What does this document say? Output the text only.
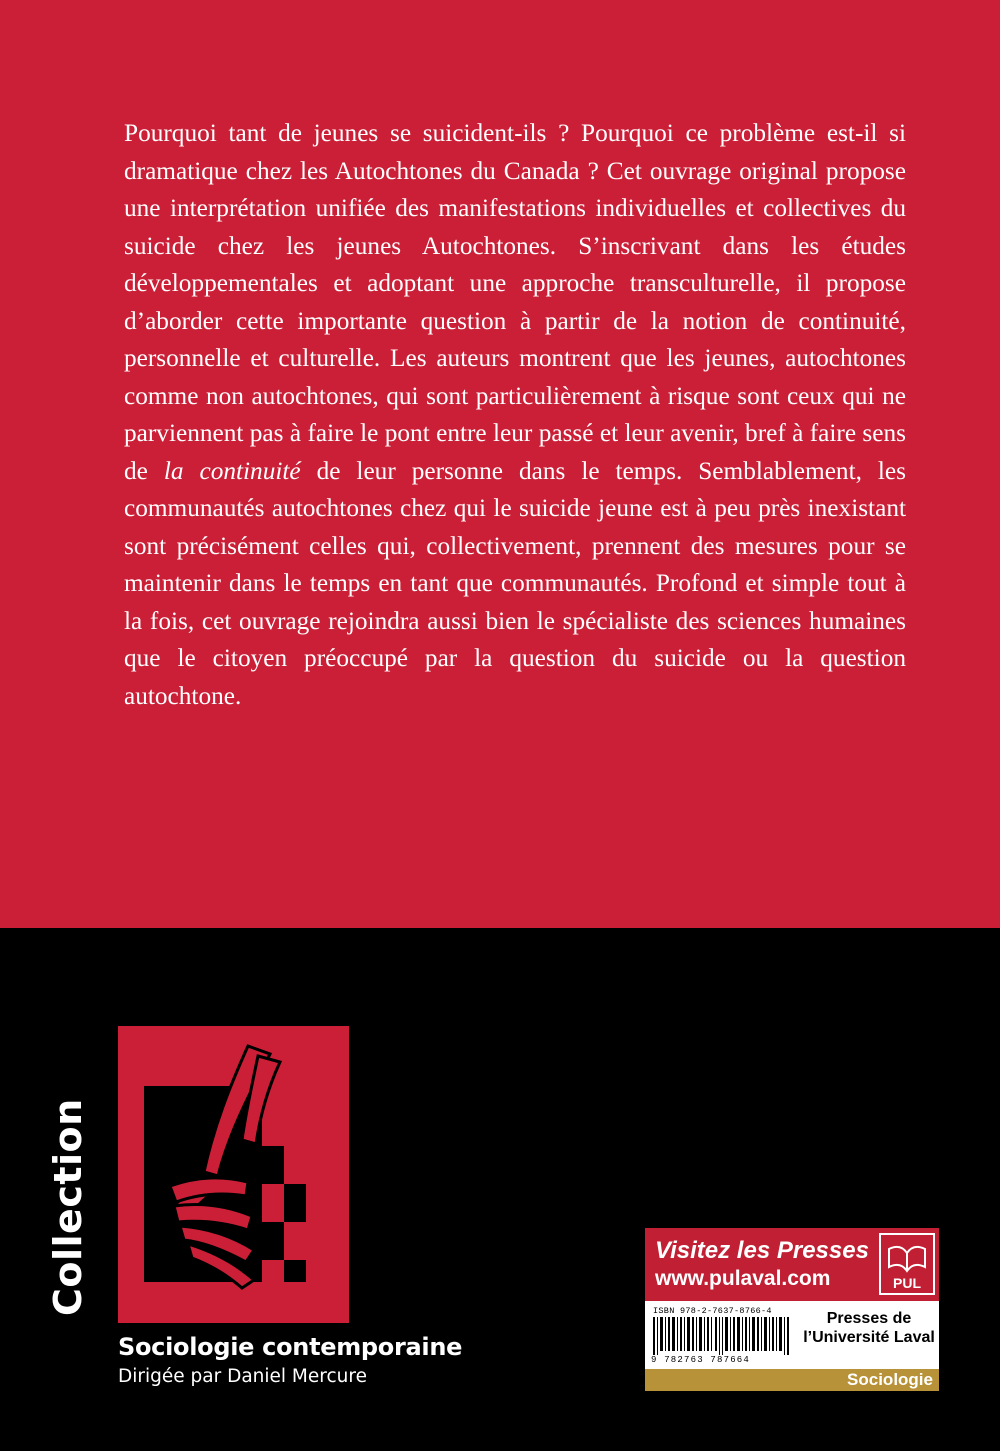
Pourquoi tant de jeunes se suicident-ils ? Pourquoi ce problème est-il si dramatique chez les Autochtones du Canada ? Cet ouvrage original propose une interprétation unifiée des manifestations individuelles et collectives du suicide chez les jeunes Autochtones. S’inscrivant dans les études développementales et adoptant une approche transculturelle, il propose d’aborder cette importante question à partir de la notion de continuité, personnelle et culturelle. Les auteurs montrent que les jeunes, autochtones comme non autochtones, qui sont particulièrement à risque sont ceux qui ne parviennent pas à faire le pont entre leur passé et leur avenir, bref à faire sens de la continuité de leur personne dans le temps. Semblablement, les communautés autochtones chez qui le suicide jeune est à peu près inexistant sont précisément celles qui, collectivement, prennent des mesures pour se maintenir dans le temps en tant que communautés. Profond et simple tout à la fois, cet ouvrage rejoindra aussi bien le spécialiste des sciences humaines que le citoyen préoccupé par la question du suicide ou la question autochtone.

Collection
Sociologie contemporaine
Dirigée par Daniel Mercure
Visitez les Presses
www.pulaval.com	PUL
ISBN 978-2-7637-8766-4
9 782763 787664
Presses de
l’Université Laval
Sociologie
